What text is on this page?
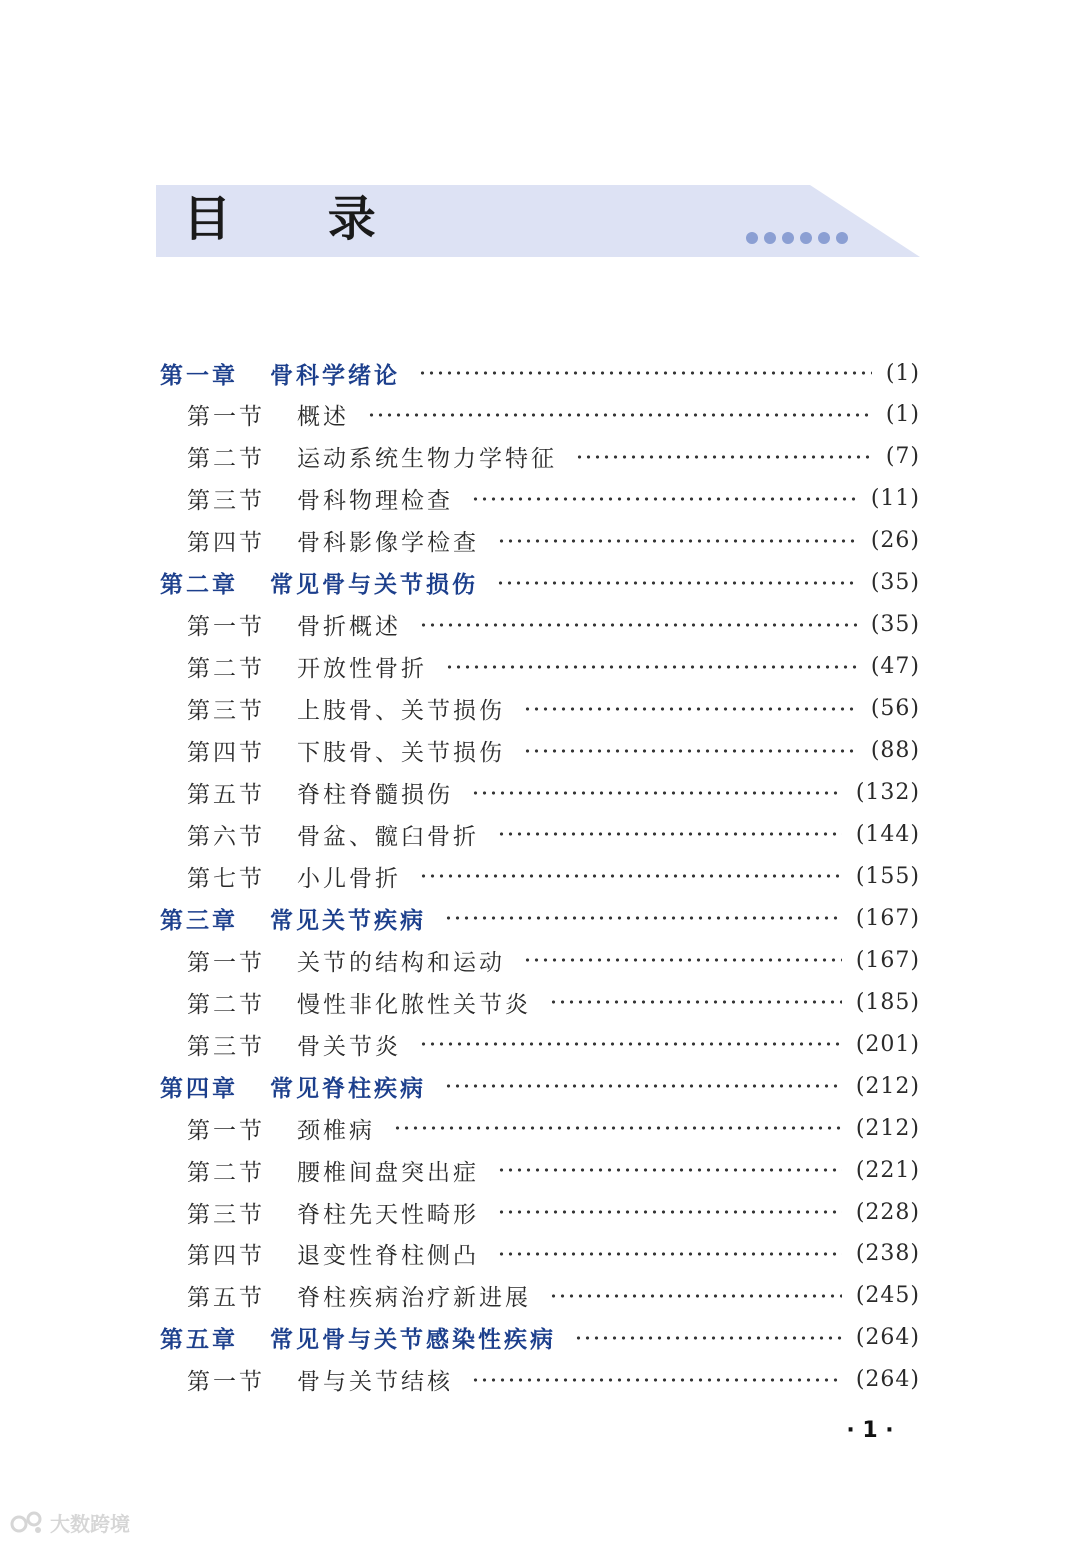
目 录
第一章	骨科学绪论	(1)
第一节	概述	(1)
第二节	运动系统生物力学特征	(7)
第三节	骨科物理检查	(11)
第四节	骨科影像学检查	(26)
第二章	常见骨与关节损伤	(35)
第一节	骨折概述	(35)
第二节	开放性骨折	(47)
第三节	上肢骨、关节损伤	(56)
第四节	下肢骨、关节损伤	(88)
第五节	脊柱脊髓损伤	(132)
第六节	骨盆、髋臼骨折	(144)
第七节	小儿骨折	(155)
第三章	常见关节疾病	(167)
第一节	关节的结构和运动	(167)
第二节	慢性非化脓性关节炎	(185)
第三节	骨关节炎	(201)
第四章	常见脊柱疾病	(212)
第一节	颈椎病	(212)
第二节	腰椎间盘突出症	(221)
第三节	脊柱先天性畸形	(228)
第四节	退变性脊柱侧凸	(238)
第五节	脊柱疾病治疗新进展	(245)
第五章	常见骨与关节感染性疾病	(264)
第一节	骨与关节结核	(264)
· 1 ·
大数跨境
